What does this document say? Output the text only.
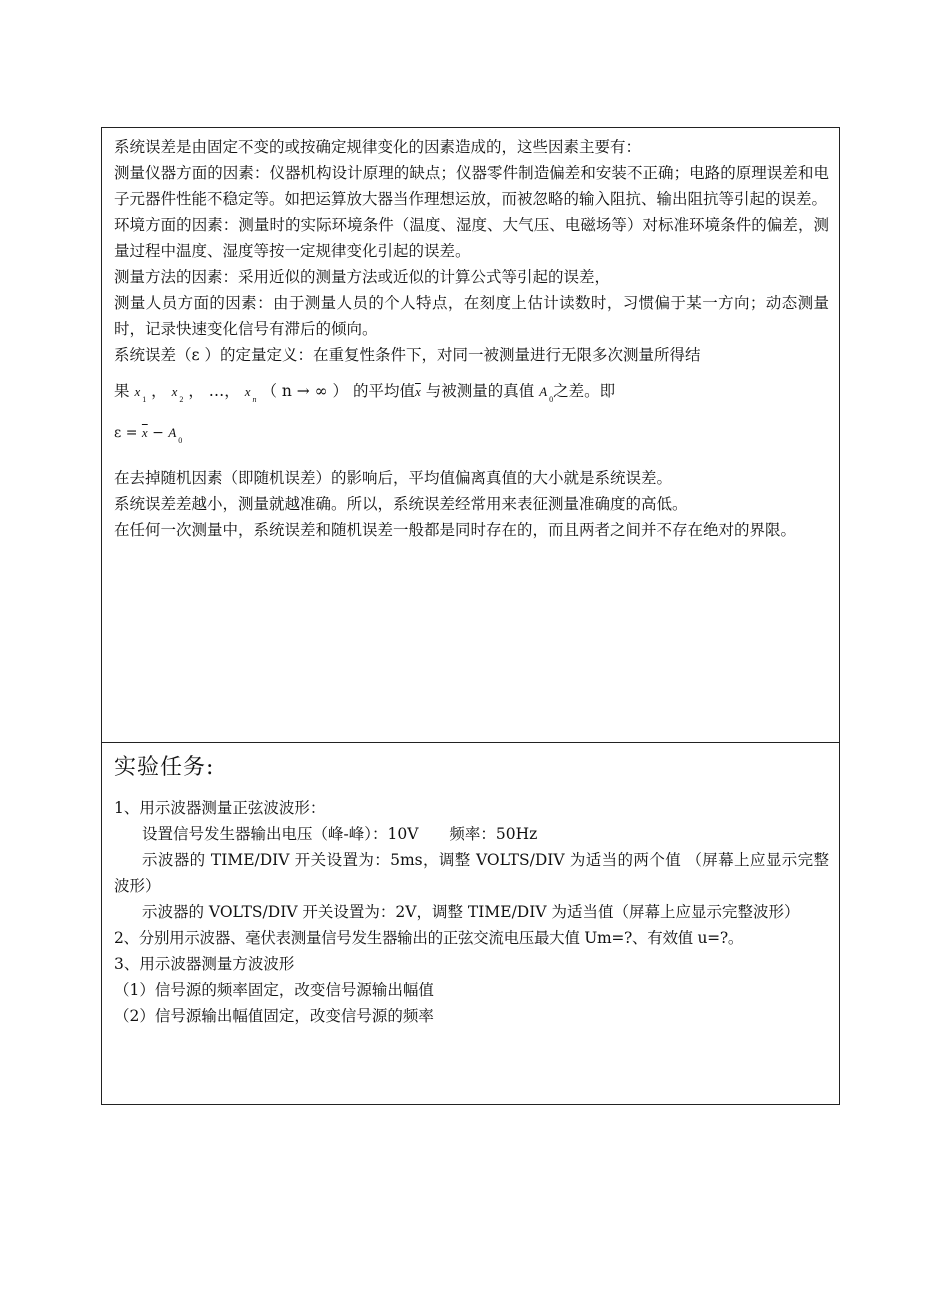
系统误差是由固定不变的或按确定规律变化的因素造成的，这些因素主要有：

测量仪器方面的因素：仪器机构设计原理的缺点；仪器零件制造偏差和安装不正确；电路的原理误差和电子元器件性能不稳定等。如把运算放大器当作理想运放，而被忽略的输入阻抗、输出阻抗等引起的误差。

环境方面的因素：测量时的实际环境条件（温度、湿度、大气压、电磁场等）对标准环境条件的偏差，测量过程中温度、湿度等按一定规律变化引起的误差。

测量方法的因素：采用近似的测量方法或近似的计算公式等引起的误差，

测量人员方面的因素：由于测量人员的个人特点，在刻度上估计读数时，习惯偏于某一方向；动态测量时，记录快速变化信号有滞后的倾向。

系统误差（ε ）的定量定义：在重复性条件下，对同一被测量进行无限多次测量所得结

果 $x_1$ ， $x_2$ ， …， $x_n$ （ n → ∞ ） 的平均值$\overline{x}$ 与被测量的真值 $A_0$之差。即
$\varepsilon = \overline{x} - A_0$

在去掉随机因素（即随机误差）的影响后，平均值偏离真值的大小就是系统误差。

系统误差差越小，测量就越准确。所以，系统误差经常用来表征测量准确度的高低。

在任何一次测量中，系统误差和随机误差一般都是同时存在的，而且两者之间并不存在绝对的界限。

实验任务:

1、用示波器测量正弦波波形：

设置信号发生器输出电压（峰-峰）：10V　　频率：50Hz

示波器的 TIME/DIV 开关设置为：5ms，调整 VOLTS/DIV 为适当的两个值 （屏幕上应显示完整波形）

示波器的 VOLTS/DIV 开关设置为：2V，调整 TIME/DIV 为适当值（屏幕上应显示完整波形）

2、分别用示波器、毫伏表测量信号发生器输出的正弦交流电压最大值 Um=?、有效值 u=?。

3、用示波器测量方波波形

（1）信号源的频率固定，改变信号源输出幅值

（2）信号源输出幅值固定，改变信号源的频率
